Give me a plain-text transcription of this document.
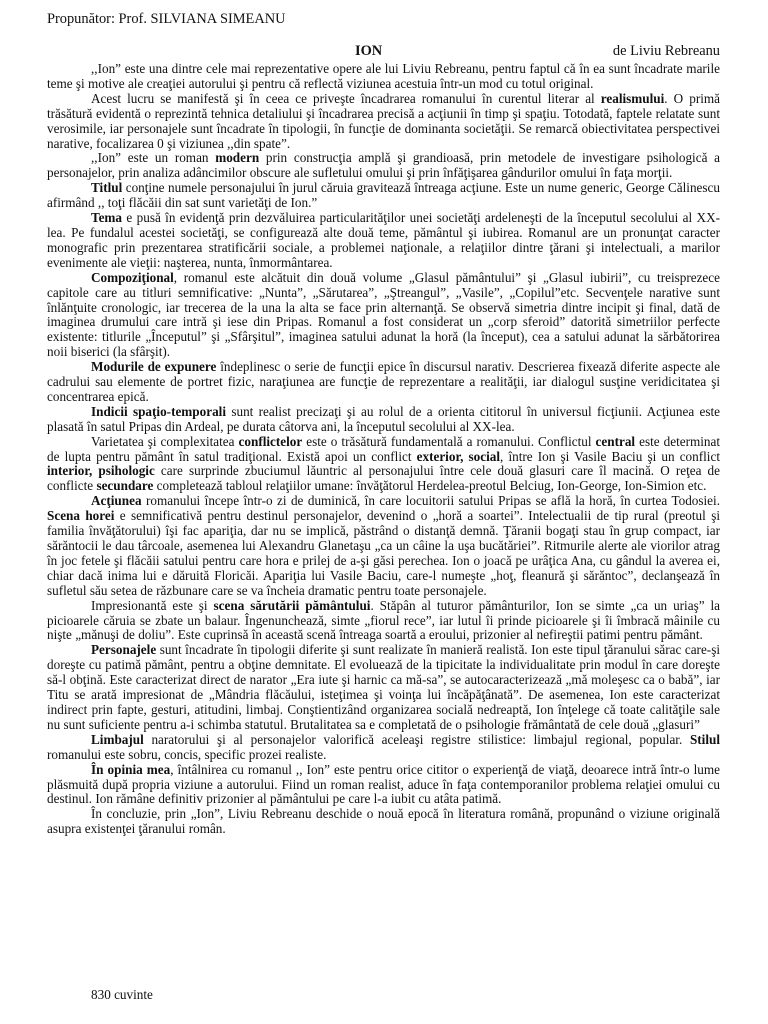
Propunător: Prof. SILVIANA SIMEANU
ION	de Liviu Rebreanu

,,Ion” este una dintre cele mai reprezentative opere ale lui Liviu Rebreanu, pentru faptul că în ea sunt încadrate marile teme şi motive ale creaţiei autorului şi pentru că reflectă viziunea acestuia într-un mod cu totul original.

Acest lucru se manifestă şi în ceea ce priveşte încadrarea romanului în curentul literar al realismului. O primă trăsătură evidentă o reprezintă tehnica detaliului şi încadrarea precisă a acţiunii în timp şi spaţiu. Totodată, faptele relatate sunt verosimile, iar personajele sunt încadrate în tipologii, în funcţie de dominanta societăţii. Se remarcă obiectivitatea perspectivei narative, focalizarea 0 şi viziunea ,,din spate”.

,,Ion” este un roman modern prin construcţia amplă şi grandioasă, prin metodele de investigare psihologică a personajelor, prin analiza adâncimilor obscure ale sufletului omului şi prin înfăţişarea gândurilor omului în faţa morţii.

Titlul conţine numele personajului în jurul căruia gravitează întreaga acţiune. Este un nume generic, George Călinescu afirmând ,, toţi flăcăii din sat sunt varietăţi de Ion.”

Tema e pusă în evidenţă prin dezvăluirea particularităţilor unei societăţi ardeleneşti de la începutul secolului al XX-lea. Pe fundalul acestei societăţi, se configurează alte două teme, pământul şi iubirea. Romanul are un pronunţat caracter monografic prin prezentarea stratificării sociale, a problemei naţionale, a relaţiilor dintre ţărani şi intelectuali, a marilor evenimente ale vieţii: naşterea, nunta, înmormântarea.

Compoziţional, romanul este alcătuit din două volume „Glasul pământului” şi „Glasul iubirii”, cu treisprezece capitole care au titluri semnificative: „Nunta”, „Sărutarea”, „Ştreangul”, „Vasile”, „Copilul”etc. Secvenţele narative sunt înlănţuite cronologic, iar trecerea de la una la alta se face prin alternanţă. Se observă simetria dintre incipit şi final, dată de imaginea drumului care intră şi iese din Pripas. Romanul a fost considerat un „corp sferoid” datorită simetriilor perfecte existente: titlurile „Începutul” şi „Sfârşitul”, imaginea satului adunat la horă (la început), cea a satului adunat la sărbătorirea noii biserici (la sfârşit).

Modurile de expunere îndeplinesc o serie de funcţii epice în discursul narativ. Descrierea fixează diferite aspecte ale cadrului sau elemente de portret fizic, naraţiunea are funcţie de reprezentare a realităţii, iar dialogul susţine veridicitatea şi concentrarea epică.

Indicii spaţio-temporali sunt realist precizaţi şi au rolul de a orienta cititorul în universul ficţiunii. Acţiunea este plasată în satul Pripas din Ardeal, pe durata câtorva ani, la începutul secolului al XX-lea.

Varietatea şi complexitatea conflictelor este o trăsătură fundamentală a romanului. Conflictul central este determinat de lupta pentru pământ în satul tradiţional. Există apoi un conflict exterior, social, între Ion şi Vasile Baciu şi un conflict interior, psihologic care surprinde zbuciumul lăuntric al personajului între cele două glasuri care îl macină. O reţea de conflicte secundare completează tabloul relaţiilor umane: învăţătorul Herdelea-preotul Belciug, Ion-George, Ion-Simion etc.

Acţiunea romanului începe într-o zi de duminică, în care locuitorii satului Pripas se află la horă, în curtea Todosiei. Scena horei e semnificativă pentru destinul personajelor, devenind o „horă a soartei”. Intelectualii de tip rural (preotul şi familia învăţătorului) îşi fac apariţia, dar nu se implică, păstrând o distanţă demnă. Ţăranii bogaţi stau în grup compact, iar sărăntocii le dau târcoale, asemenea lui Alexandru Glanetaşu „ca un câine la uşa bucătăriei”. Ritmurile alerte ale viorilor atrag în joc fetele şi flăcăii satului pentru care hora e prilej de a-şi găsi perechea. Ion o joacă pe urâţica Ana, cu gândul la averea ei, chiar dacă inima lui e dăruită Floricăi. Apariţia lui Vasile Baciu, care-l numeşte „hoţ, fleanură şi sărăntoc”, declanşează în sufletul său setea de răzbunare care se va încheia dramatic pentru toate personajele.

Impresionantă este şi scena sărutării pământului. Stăpân al tuturor pământurilor, Ion se simte „ca un uriaş” la picioarele căruia se zbate un balaur. Îngenunchează, simte „fiorul rece”, iar lutul îi prinde picioarele şi îi îmbracă mâinile cu nişte „mănuşi de doliu”. Este cuprinsă în această scenă întreaga soartă a eroului, prizonier al nefireştii patimi pentru pământ.

Personajele sunt încadrate în tipologii diferite şi sunt realizate în manieră realistă. Ion este tipul ţăranului sărac care-şi doreşte cu patimă pământ, pentru a obţine demnitate. El evoluează de la tipicitate la individualitate prin modul în care doreşte să-l obţină. Este caracterizat direct de narator „Era iute şi harnic ca mă-sa”, se autocaracterizează „mă moleşesc ca o babă”, iar Titu se arată impresionat de „Mândria flăcăului, isteţimea şi voinţa lui încăpăţânată”. De asemenea, Ion este caracterizat indirect prin fapte, gesturi, atitudini, limbaj. Conştientizând organizarea socială nedreaptă, Ion înţelege că toate calităţile sale nu sunt suficiente pentru a-i schimba statutul. Brutalitatea sa e completată de o psihologie frământată de cele două „glasuri”

Limbajul naratorului şi al personajelor valorifică aceleaşi registre stilistice: limbajul regional, popular. Stilul romanului este sobru, concis, specific prozei realiste.

În opinia mea, întâlnirea cu romanul ,, Ion” este pentru orice cititor o experienţă de viaţă, deoarece intră într-o lume plăsmuită după propria viziune a autorului. Fiind un roman realist, aduce în faţa contemporanilor problema relaţiei omului cu destinul. Ion rămâne definitiv prizonier al pământului pe care l-a iubit cu atâta patimă.

În concluzie, prin „Ion”, Liviu Rebreanu deschide o nouă epocă în literatura română, propunând o viziune originală asupra existenţei ţăranului român.

830 cuvinte
